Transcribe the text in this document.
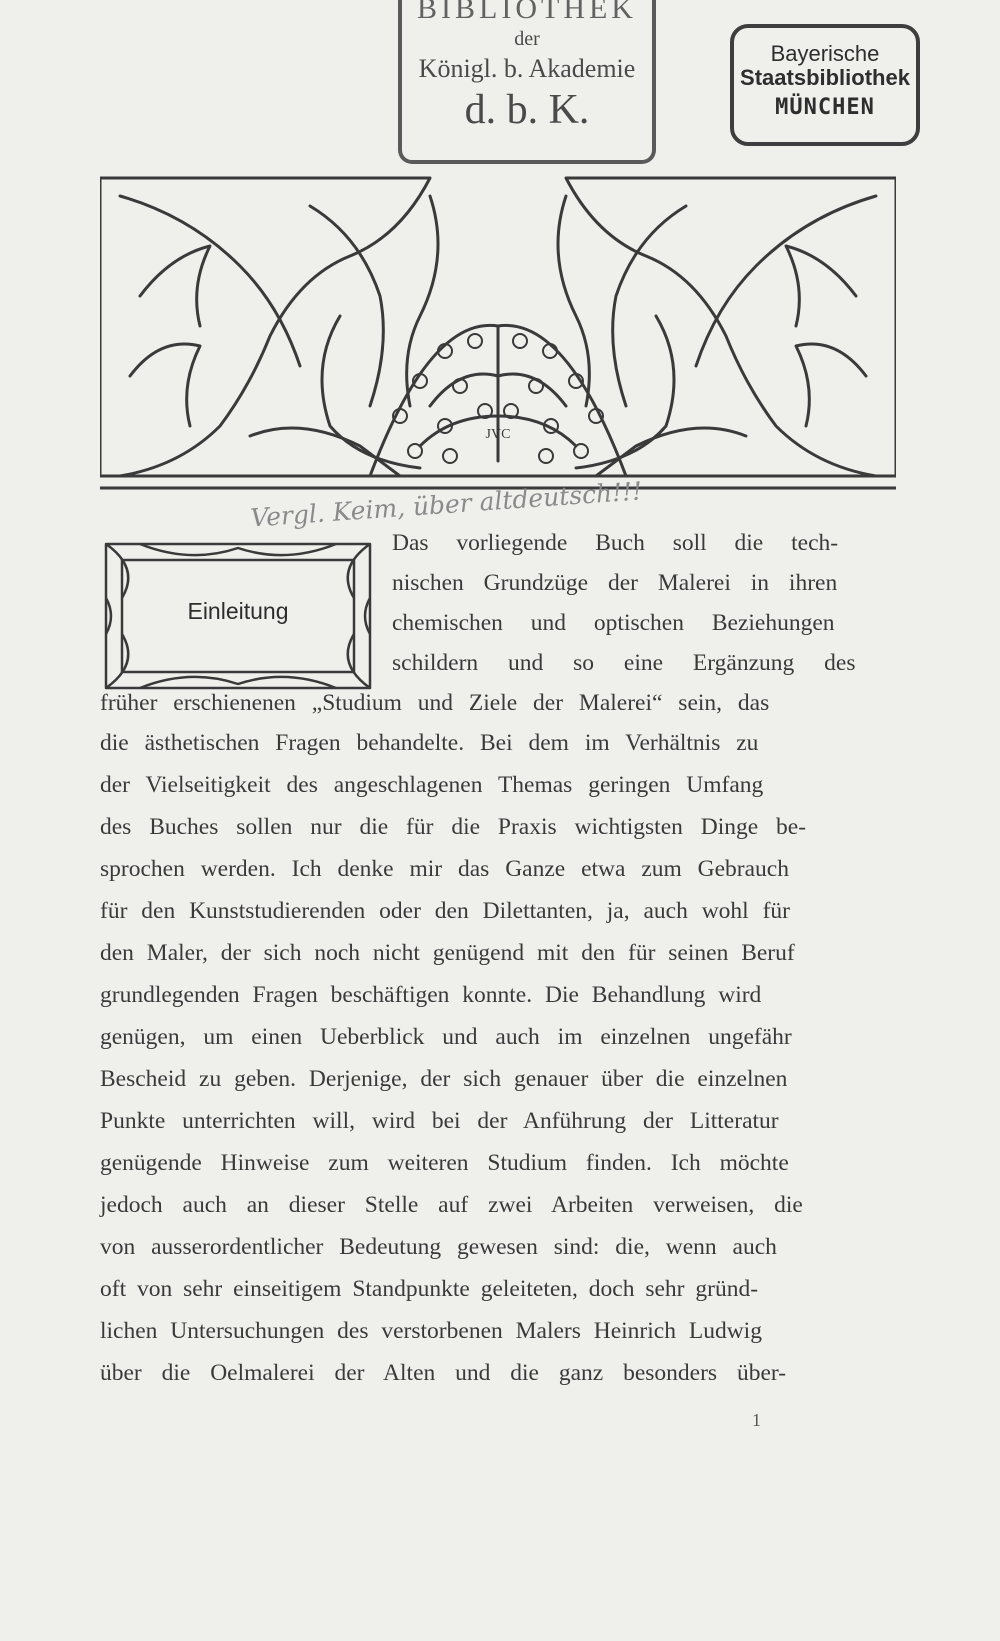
BIBLIOTHEK
der
Königl. b. Akademie
d. b. K.
Bayerische
Staatsbibliothek
MÜNCHEN
JVC
Vergl. Keim, über altdeutsch!!!
Einleitung
Das vorliegende Buch soll die tech-
nischen Grundzüge der Malerei in ihren
chemischen und optischen Beziehungen
schildern und so eine Ergänzung des
früher erschienenen „Studium und Ziele der Malerei“ sein, das
die ästhetischen Fragen behandelte. Bei dem im Verhältnis zu
der Vielseitigkeit des angeschlagenen Themas geringen Umfang
des Buches sollen nur die für die Praxis wichtigsten Dinge be-
sprochen werden. Ich denke mir das Ganze etwa zum Gebrauch
für den Kunststudierenden oder den Dilettanten, ja, auch wohl für
den Maler, der sich noch nicht genügend mit den für seinen Beruf
grundlegenden Fragen beschäftigen konnte. Die Behandlung wird
genügen, um einen Ueberblick und auch im einzelnen ungefähr
Bescheid zu geben. Derjenige, der sich genauer über die einzelnen
Punkte unterrichten will, wird bei der Anführung der Litteratur
genügende Hinweise zum weiteren Studium finden. Ich möchte
jedoch auch an dieser Stelle auf zwei Arbeiten verweisen, die
von ausserordentlicher Bedeutung gewesen sind: die, wenn auch
oft von sehr einseitigem Standpunkte geleiteten, doch sehr gründ-
lichen Untersuchungen des verstorbenen Malers Heinrich Ludwig
über die Oelmalerei der Alten und die ganz besonders über-
1
